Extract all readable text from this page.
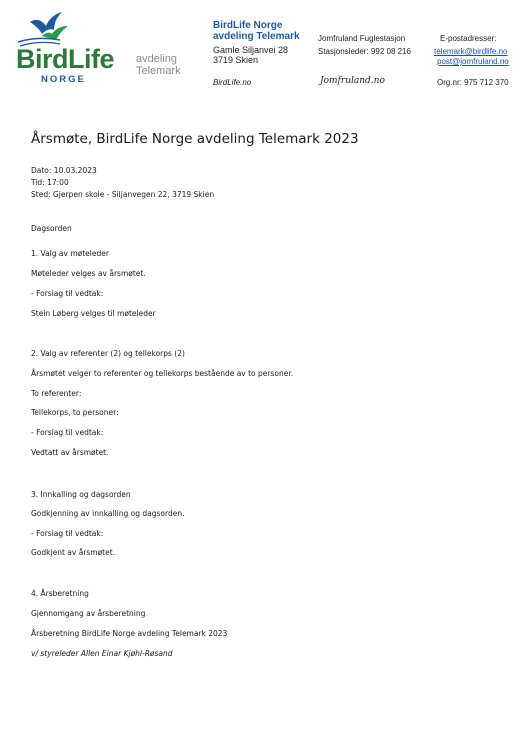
BirdLife
NORGE
avdeling
Telemark
BirdLife Norge
avdeling Telemark
Gamle Siljanvei 28
3719 Skien
BirdLife.no
Jomfruland Fuglestasjon
Stasjonsleder: 992 08 216
Jomfruland.no
E-postadresser:
telemark@birdlife.no
post@jomfruland.no
Org.nr: 975 712 370
Årsmøte, BirdLife Norge avdeling Telemark 2023
Dato: 10.03.2023
Tid: 17:00
Sted: Gjerpen skole - Siljanvegen 22, 3719 Skien
Dagsorden
1. Valg av møteleder
Møteleder velges av årsmøtet.
- Forslag til vedtak:
Stein Løberg velges til møteleder
2. Valg av referenter (2) og tellekorps (2)
Årsmøtet velger to referenter og tellekorps bestående av to personer.
To referenter:
Tellekorps, to personer:
- Forslag til vedtak:
Vedtatt av årsmøtet.
3. Innkalling og dagsorden
Godkjenning av innkalling og dagsorden.
- Forslag til vedtak:
Godkjent av årsmøtet.
4. Årsberetning
Gjennomgang av årsberetning
Årsberetning BirdLife Norge avdeling Telemark 2023
v/ styreleder Allen Einar Kjøhl-Røsand
